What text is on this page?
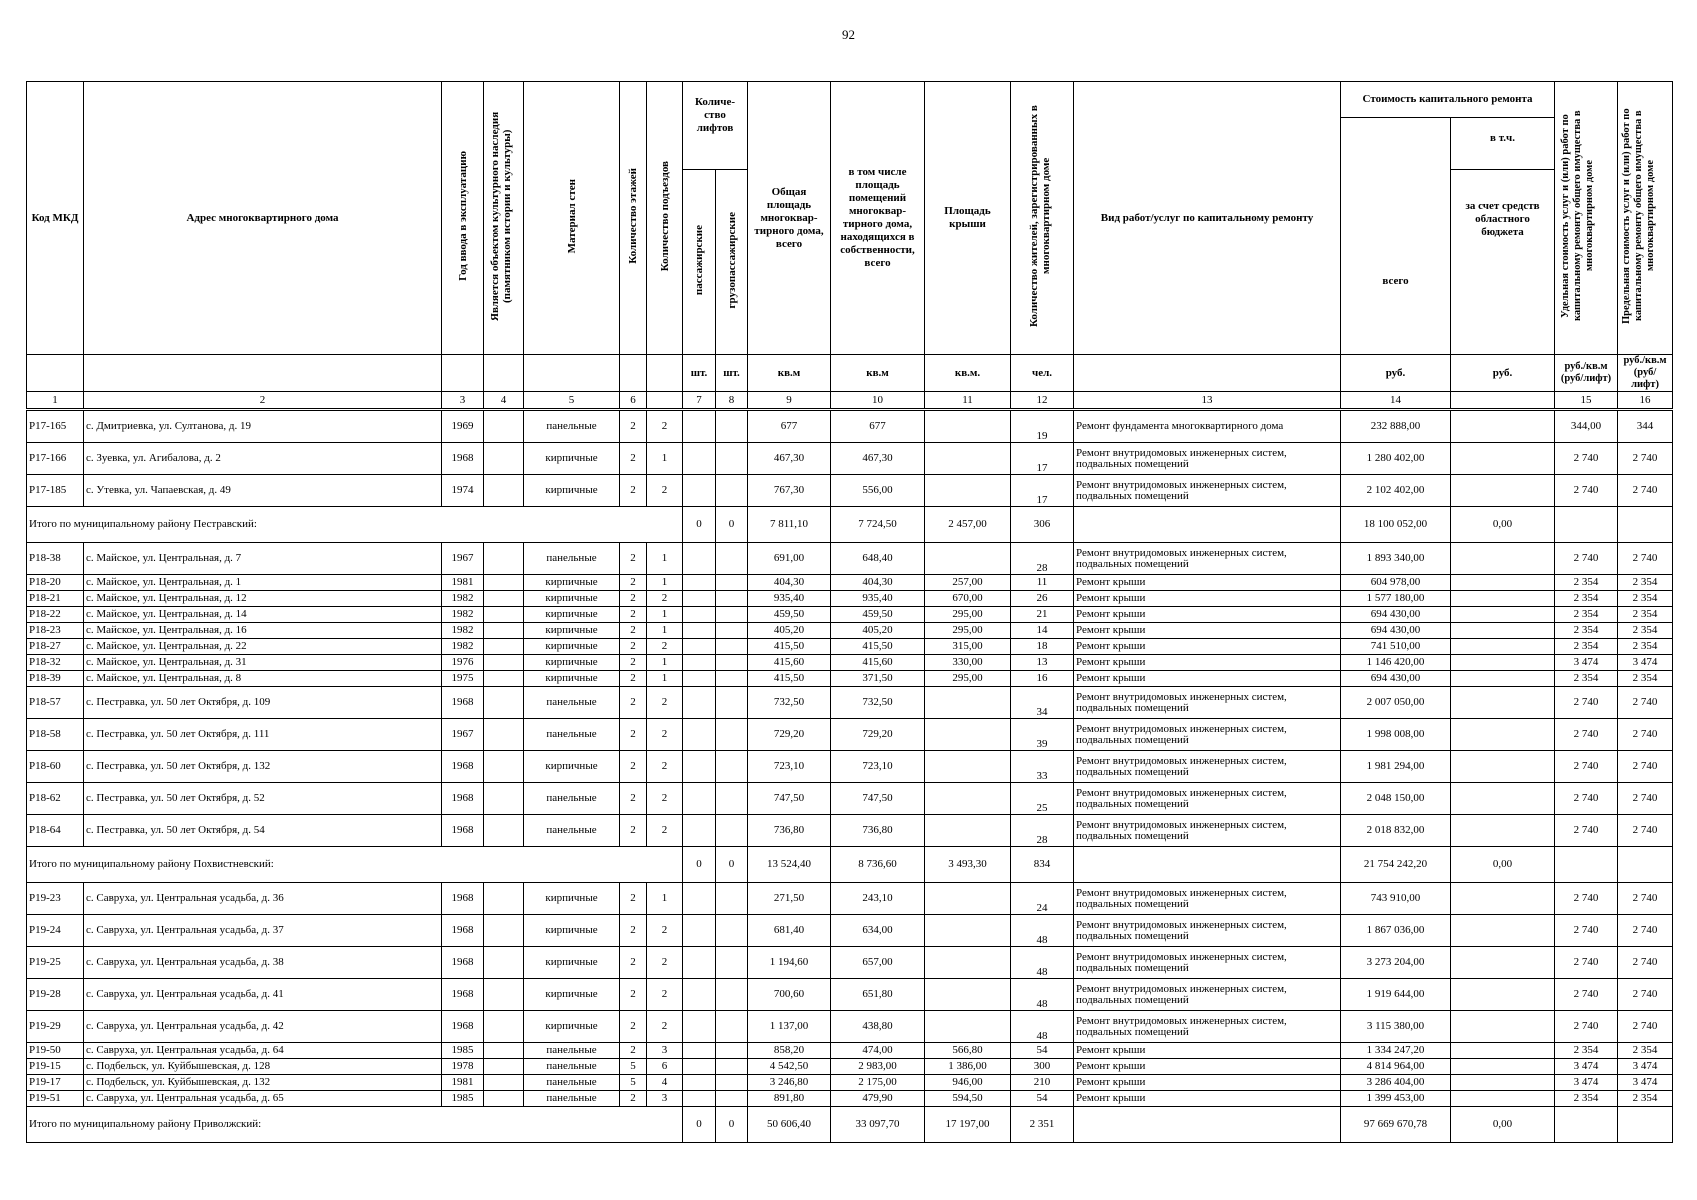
92
Код МКД	Адрес многоквартирного дома	Год ввода в эксплуатацию	Является объектом культурного наследия (памятником истории и культуры)	Материал стен	Количество этажей	Количество подъездов	Количе-ство лифтов		Общая площадь многоквар-тирного дома, всего	в том числе площадь помещений многоквар-тирного дома, находящихся в собственности, всего	Площадь крыши	Количество жителей, зарегистрированных в многоквартирном доме	Вид работ/услуг по капитальному ремонту	Стоимость капитального ремонта		Удельная стоимость услуг и (или) работ по капитальному ремонту общего имущества в многоквартирном доме	Предельная стоимость услуг и (или) работ по капитальному ремонту общего имущества в многоквартирном доме
														всего	в т.ч.		
							пассажирские	грузопассажирские							за счет средств областного бюджета		
							шт.	шт.	кв.м	кв.м	кв.м.	чел.		руб.	руб.	руб./кв.м (руб/лифт)	руб./кв.м (руб/лифт)
1	2	3	4	5	6		7	8	9	10	11	12	13	14		15	16
Р17-165	с. Дмитриевка, ул. Султанова, д. 19	1969		панельные	2	2			677	677		19	Ремонт фундамента многоквартирного дома	232 888,00		344,00	344
Р17-166	с. Зуевка, ул. Агибалова, д. 2	1968		кирпичные	2	1			467,30	467,30		17	Ремонт внутридомовых инженерных систем, подвальных помещений	1 280 402,00		2 740	2 740
Р17-185	с. Утевка, ул. Чапаевская, д. 49	1974		кирпичные	2	2			767,30	556,00		17	Ремонт внутридомовых инженерных систем, подвальных помещений	2 102 402,00		2 740	2 740
Итого по муниципальному району Пестравский:							0	0	7 811,10	7 724,50	2 457,00	306		18 100 052,00	0,00		
Р18-38	с. Майское, ул. Центральная, д. 7	1967		панельные	2	1			691,00	648,40		28	Ремонт внутридомовых инженерных систем, подвальных помещений	1 893 340,00		2 740	2 740
Р18-20	с. Майское, ул. Центральная, д. 1	1981		кирпичные	2	1			404,30	404,30	257,00	11	Ремонт крыши	604 978,00		2 354	2 354
Р18-21	с. Майское, ул. Центральная, д. 12	1982		кирпичные	2	2			935,40	935,40	670,00	26	Ремонт крыши	1 577 180,00		2 354	2 354
Р18-22	с. Майское, ул. Центральная, д. 14	1982		кирпичные	2	1			459,50	459,50	295,00	21	Ремонт крыши	694 430,00		2 354	2 354
Р18-23	с. Майское, ул. Центральная, д. 16	1982		кирпичные	2	1			405,20	405,20	295,00	14	Ремонт крыши	694 430,00		2 354	2 354
Р18-27	с. Майское, ул. Центральная, д. 22	1982		кирпичные	2	2			415,50	415,50	315,00	18	Ремонт крыши	741 510,00		2 354	2 354
Р18-32	с. Майское, ул. Центральная, д. 31	1976		кирпичные	2	1			415,60	415,60	330,00	13	Ремонт крыши	1 146 420,00		3 474	3 474
Р18-39	с. Майское, ул. Центральная, д. 8	1975		кирпичные	2	1			415,50	371,50	295,00	16	Ремонт крыши	694 430,00		2 354	2 354
Р18-57	с. Пестравка, ул. 50 лет Октября, д. 109	1968		панельные	2	2			732,50	732,50		34	Ремонт внутридомовых инженерных систем, подвальных помещений	2 007 050,00		2 740	2 740
Р18-58	с. Пестравка, ул. 50 лет Октября, д. 111	1967		панельные	2	2			729,20	729,20		39	Ремонт внутридомовых инженерных систем, подвальных помещений	1 998 008,00		2 740	2 740
Р18-60	с. Пестравка, ул. 50 лет Октября, д. 132	1968		кирпичные	2	2			723,10	723,10		33	Ремонт внутридомовых инженерных систем, подвальных помещений	1 981 294,00		2 740	2 740
Р18-62	с. Пестравка, ул. 50 лет Октября, д. 52	1968		панельные	2	2			747,50	747,50		25	Ремонт внутридомовых инженерных систем, подвальных помещений	2 048 150,00		2 740	2 740
Р18-64	с. Пестравка, ул. 50 лет Октября, д. 54	1968		панельные	2	2			736,80	736,80		28	Ремонт внутридомовых инженерных систем, подвальных помещений	2 018 832,00		2 740	2 740
Итого по муниципальному району Похвистневский:							0	0	13 524,40	8 736,60	3 493,30	834		21 754 242,20	0,00		
Р19-23	с. Савруха, ул. Центральная усадьба, д. 36	1968		кирпичные	2	1			271,50	243,10		24	Ремонт внутридомовых инженерных систем, подвальных помещений	743 910,00		2 740	2 740
Р19-24	с. Савруха, ул. Центральная усадьба, д. 37	1968		кирпичные	2	2			681,40	634,00		48	Ремонт внутридомовых инженерных систем, подвальных помещений	1 867 036,00		2 740	2 740
Р19-25	с. Савруха, ул. Центральная усадьба, д. 38	1968		кирпичные	2	2			1 194,60	657,00		48	Ремонт внутридомовых инженерных систем, подвальных помещений	3 273 204,00		2 740	2 740
Р19-28	с. Савруха, ул. Центральная усадьба, д. 41	1968		кирпичные	2	2			700,60	651,80		48	Ремонт внутридомовых инженерных систем, подвальных помещений	1 919 644,00		2 740	2 740
Р19-29	с. Савруха, ул. Центральная усадьба, д. 42	1968		кирпичные	2	2			1 137,00	438,80		48	Ремонт внутридомовых инженерных систем, подвальных помещений	3 115 380,00		2 740	2 740
Р19-50	с. Савруха, ул. Центральная усадьба, д. 64	1985		панельные	2	3			858,20	474,00	566,80	54	Ремонт крыши	1 334 247,20		2 354	2 354
Р19-15	с. Подбельск, ул. Куйбышевская, д. 128	1978		панельные	5	6			4 542,50	2 983,00	1 386,00	300	Ремонт крыши	4 814 964,00		3 474	3 474
Р19-17	с. Подбельск, ул. Куйбышевская, д. 132	1981		панельные	5	4			3 246,80	2 175,00	946,00	210	Ремонт крыши	3 286 404,00		3 474	3 474
Р19-51	с. Савруха, ул. Центральная усадьба, д. 65	1985		панельные	2	3			891,80	479,90	594,50	54	Ремонт крыши	1 399 453,00		2 354	2 354
Итого по муниципальному району Приволжский:							0	0	50 606,40	33 097,70	17 197,00	2 351		97 669 670,78	0,00		
